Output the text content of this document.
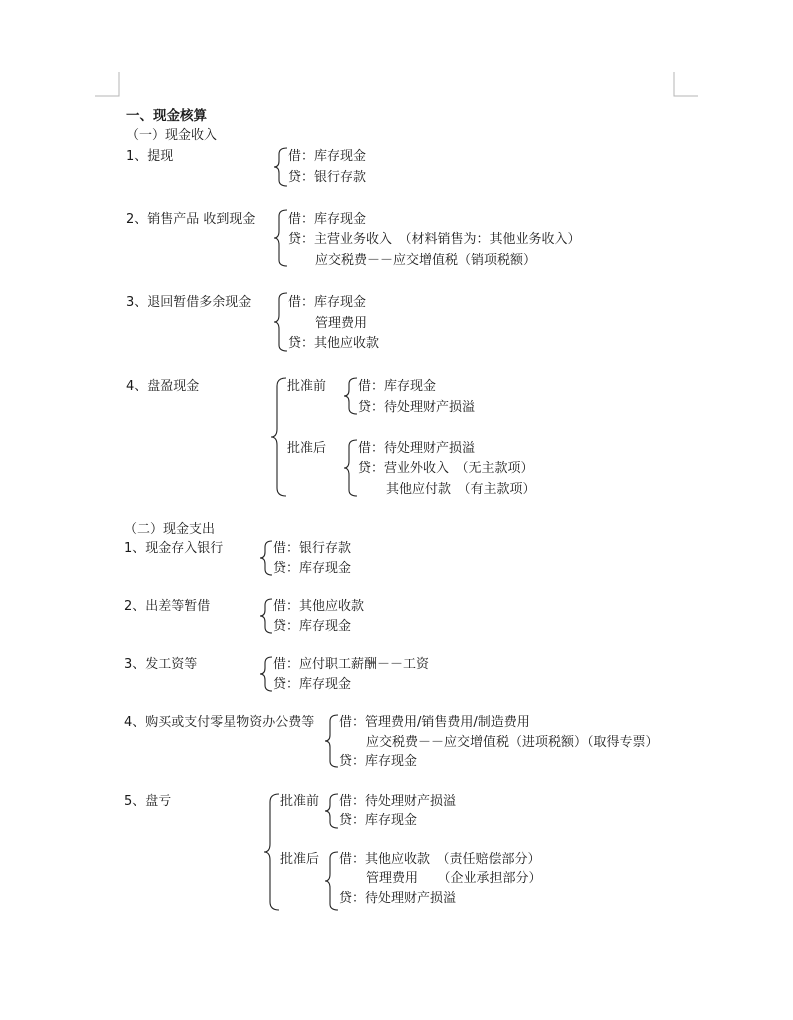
一、现金核算
（一）现金收入
1、提现	借：库存现金
贷：银行存款
2、销售产品 收到现金	借：库存现金
贷：主营业务收入　（材料销售为：其他业务收入）
应交税费－－应交增值税（销项税额）
3、退回暂借多余现金	借：库存现金
管理费用
贷：其他应收款
4、盘盈现金	批准前 借：库存现金
贷：待处理财产损溢
批准后 借：待处理财产损溢
贷：营业外收入　（无主款项）
其他应付款　（有主款项）
（二）现金支出
1、现金存入银行	借：银行存款
贷：库存现金
2、出差等暂借	借：其他应收款
贷：库存现金
3、发工资等	借：应付职工薪酬－－工资
贷：库存现金
4、购买或支付零星物资办公费等 借：管理费用/销售费用/制造费用
应交税费－－应交增值税（进项税额）（取得专票）
贷：库存现金
5、盘亏	批准前 借：待处理财产损溢
贷：库存现金
批准后 借：其他应收款　（责任赔偿部分）
管理费用　　（企业承担部分）
贷：待处理财产损溢
